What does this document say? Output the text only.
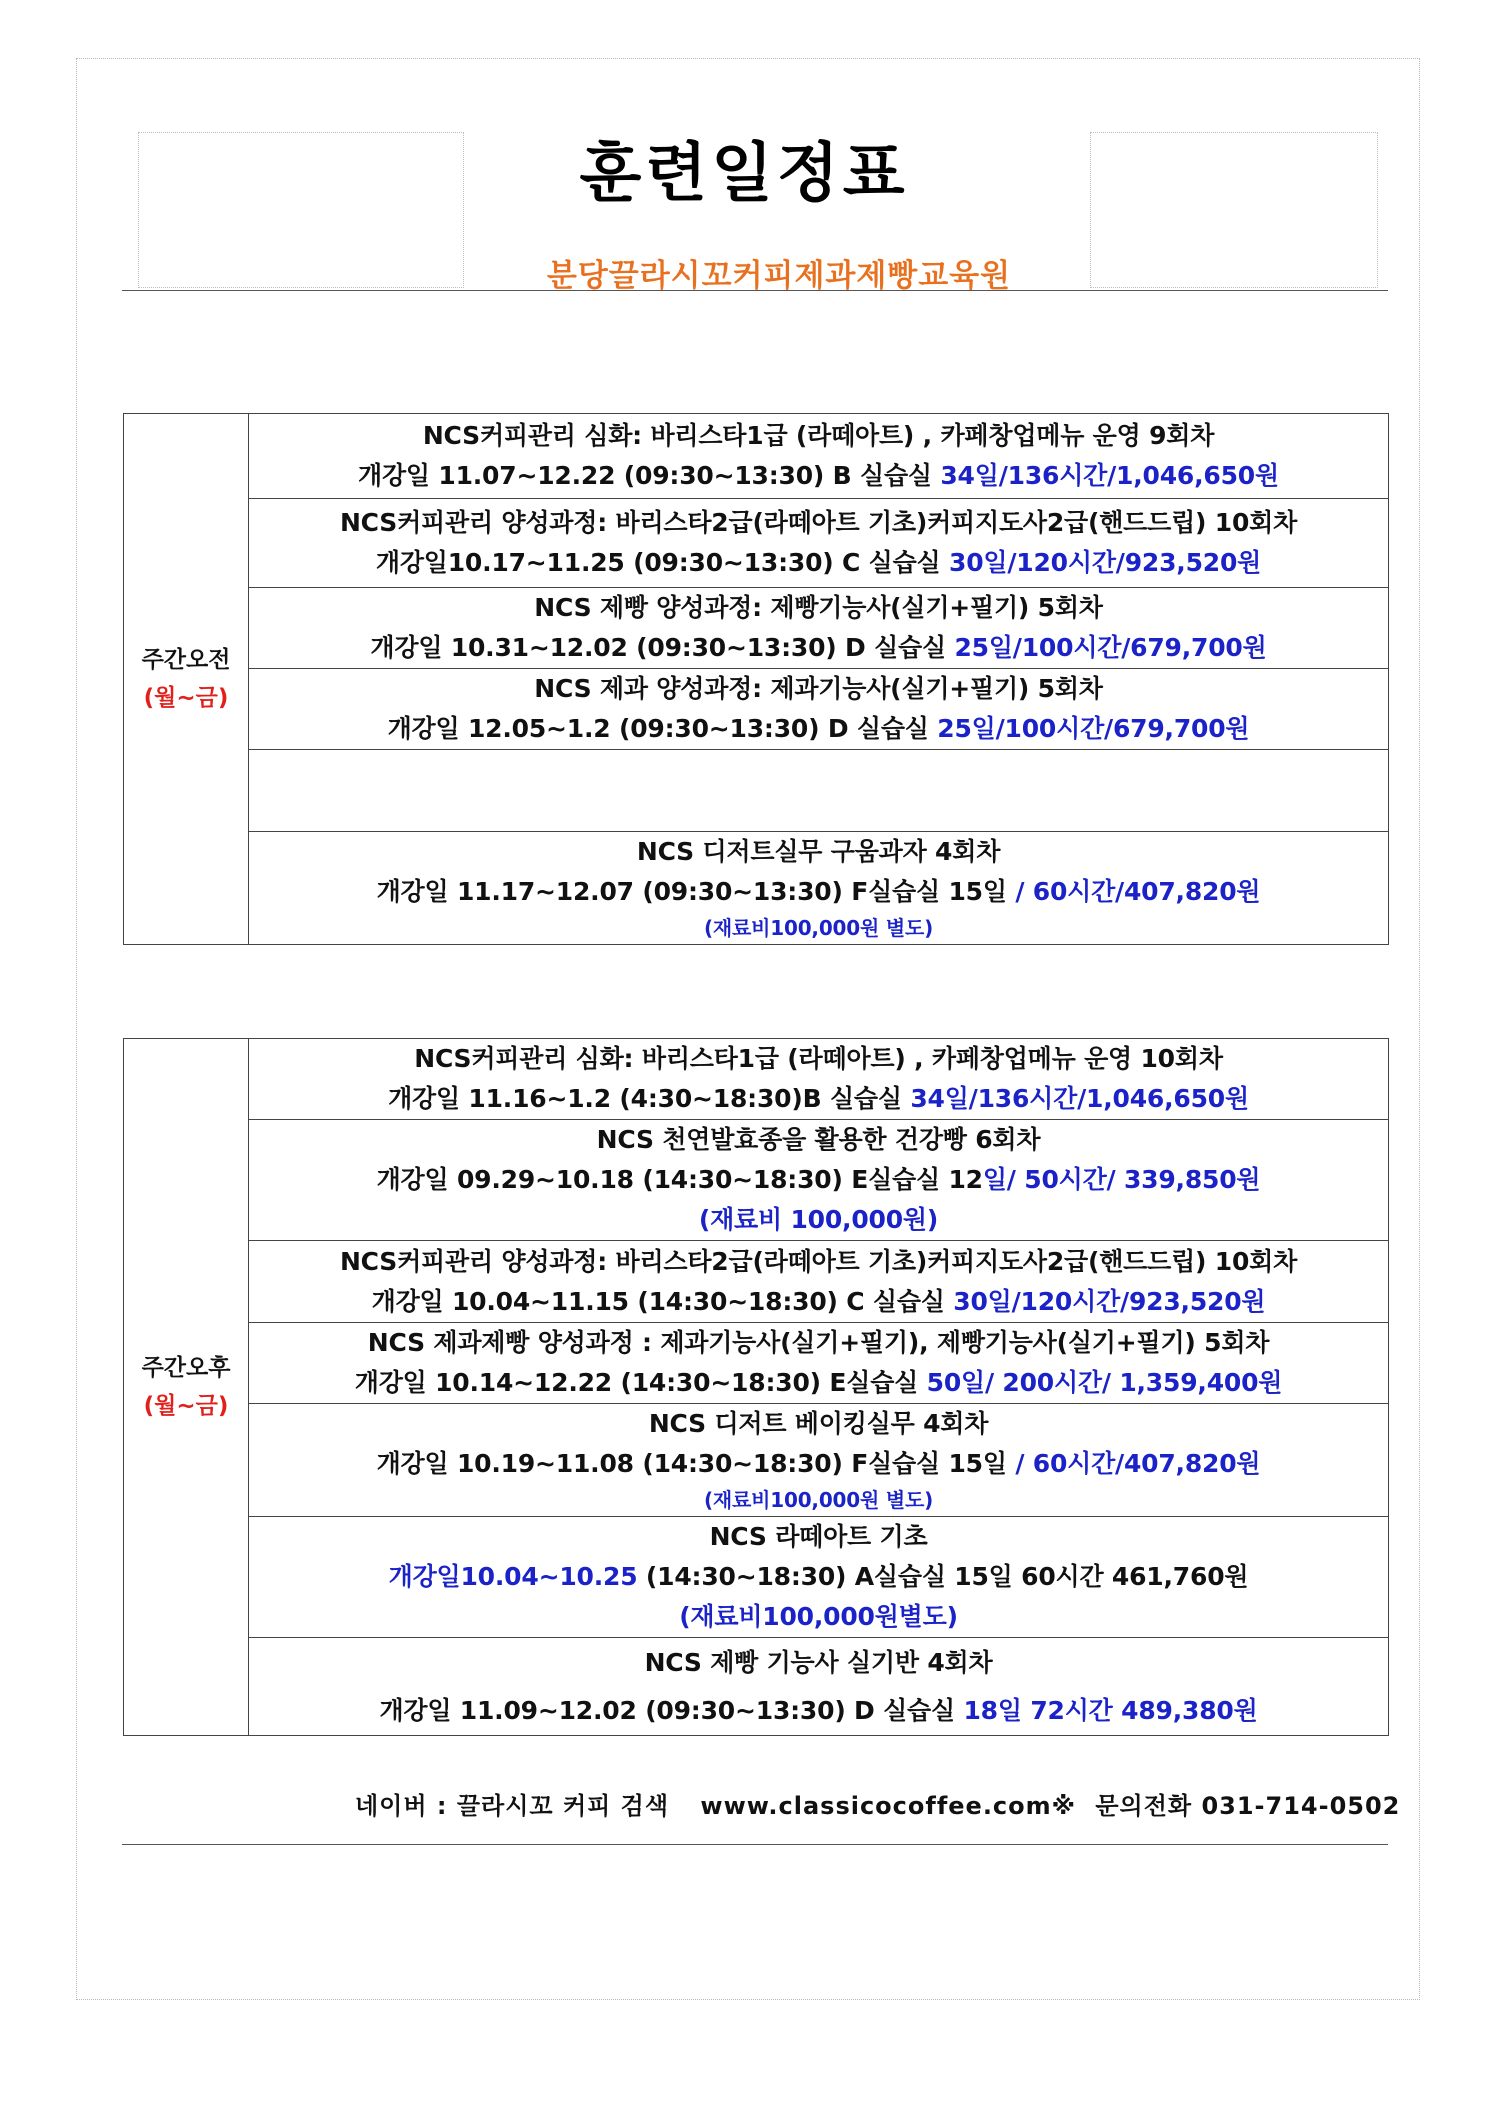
훈련일정표
분당끌라시꼬커피제과제빵교육원
주간오전
(월~금)

NCS커피관리 심화: 바리스타1급 (라떼아트) , 카페창업메뉴 운영 9회차
개강일 11.07~12.22 (09:30~13:30) B 실습실 34일/136시간/1,046,650원

NCS커피관리 양성과정: 바리스타2급(라떼아트 기초)커피지도사2급(핸드드립) 10회차
개강일10.17~11.25 (09:30~13:30) C 실습실 30일/120시간/923,520원

NCS 제빵 양성과정: 제빵기능사(실기+필기) 5회차
개강일 10.31~12.02 (09:30~13:30) D 실습실 25일/100시간/679,700원

NCS 제과 양성과정: 제과기능사(실기+필기) 5회차
개강일 12.05~1.2 (09:30~13:30) D 실습실 25일/100시간/679,700원

NCS 디저트실무 구움과자 4회차
개강일 11.17~12.07 (09:30~13:30) F실습실 15일 / 60시간/407,820원
(재료비100,000원 별도)
주간오후
(월~금)

NCS커피관리 심화: 바리스타1급 (라떼아트) , 카페창업메뉴 운영 10회차
개강일 11.16~1.2 (4:30~18:30)B 실습실 34일/136시간/1,046,650원

NCS 천연발효종을 활용한 건강빵 6회차
개강일 09.29~10.18 (14:30~18:30) E실습실 12일/ 50시간/ 339,850원
(재료비 100,000원)

NCS커피관리 양성과정: 바리스타2급(라떼아트 기초)커피지도사2급(핸드드립) 10회차
개강일 10.04~11.15 (14:30~18:30) C 실습실 30일/120시간/923,520원

NCS 제과제빵 양성과정 : 제과기능사(실기+필기), 제빵기능사(실기+필기) 5회차
개강일 10.14~12.22 (14:30~18:30) E실습실 50일/ 200시간/ 1,359,400원

NCS 디저트 베이킹실무 4회차
개강일 10.19~11.08 (14:30~18:30) F실습실 15일 / 60시간/407,820원
(재료비100,000원 별도)

NCS 라떼아트 기초
개강일10.04~10.25 (14:30~18:30) A실습실 15일 60시간 461,760원
(재료비100,000원별도)

NCS 제빵 기능사 실기반 4회차
개강일 11.09~12.02 (09:30~13:30) D 실습실 18일 72시간 489,380원
네이버 : 끌라시꼬 커피 검색 www.classicocoffee.com※ 문의전화 031-714-0502
